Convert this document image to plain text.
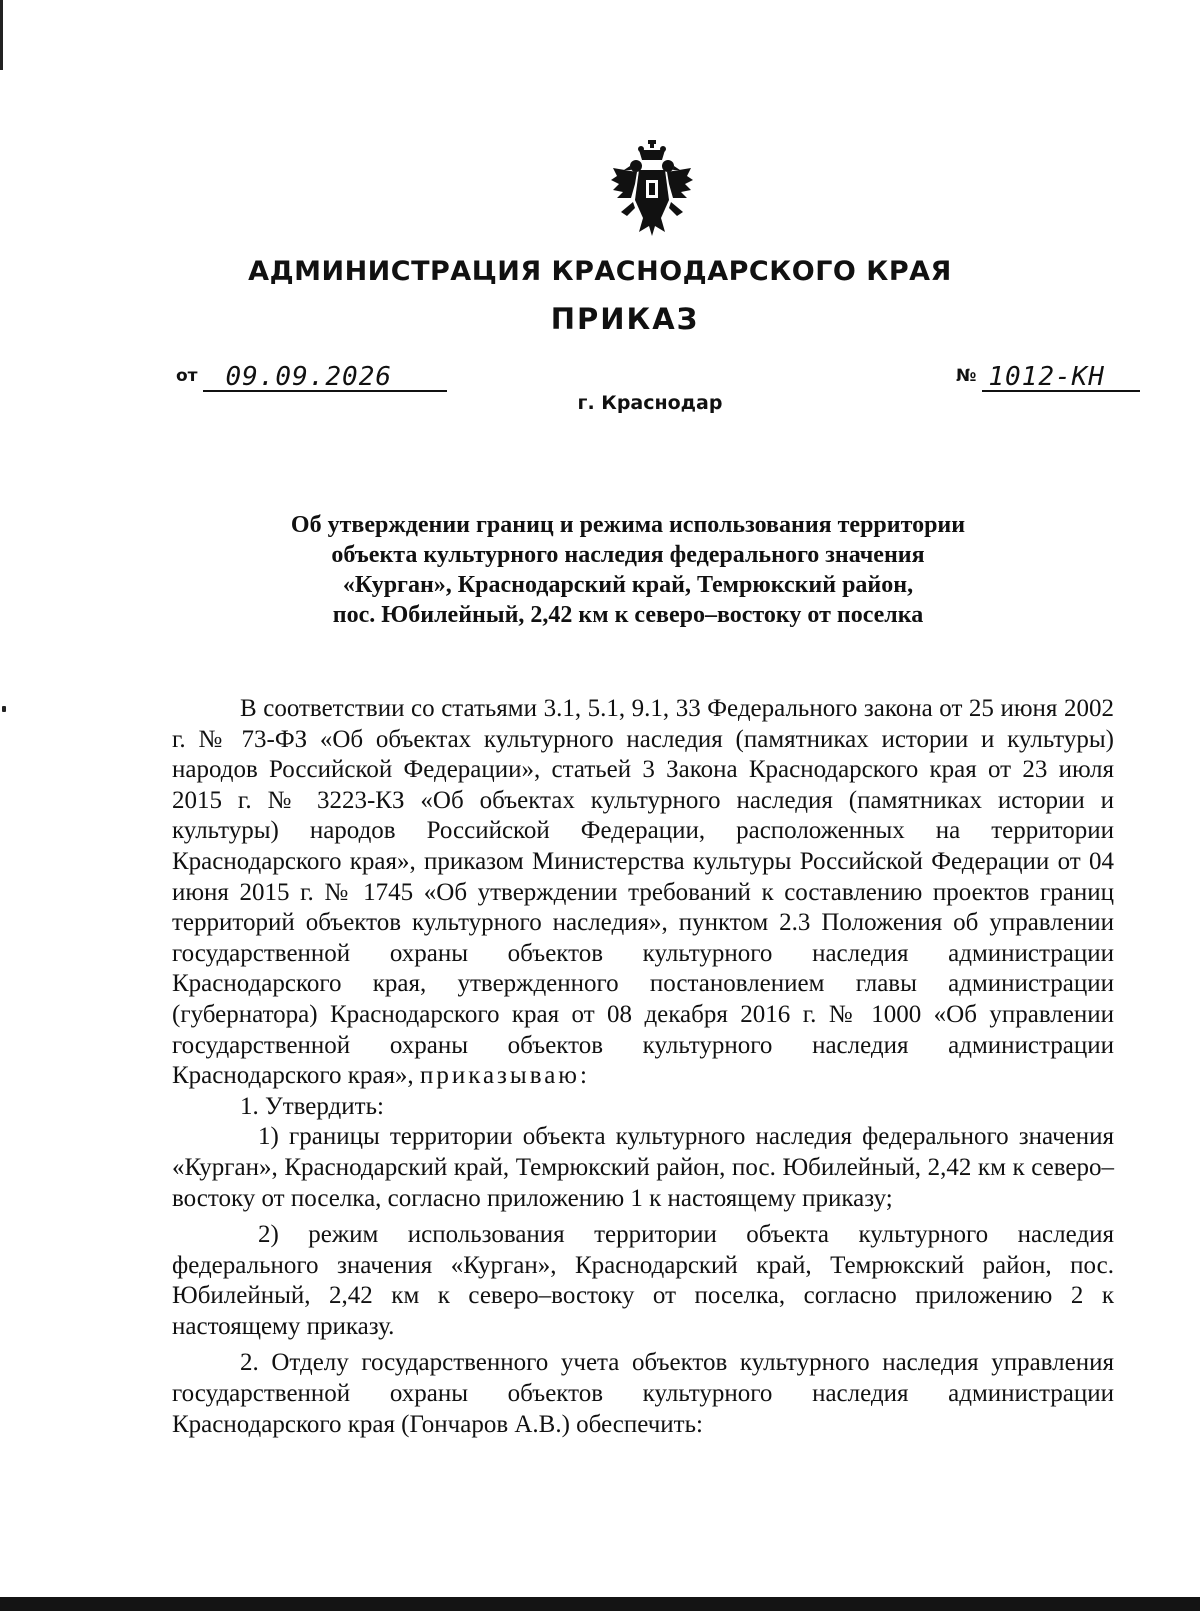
АДМИНИСТРАЦИЯ КРАСНОДАРСКОГО КРАЯ
ПРИКАЗ
от 09.09.2026
г. Краснодар
№ 1012-КН
Об утверждении границ и режима использования территории
объекта культурного наследия федерального значения
«Курган», Краснодарский край, Темрюкский район,
пос. Юбилейный, 2,42 км к северо–востоку от поселка

В соответствии со статьями 3.1, 5.1, 9.1, 33 Федерального закона от 25 июня 2002 г. № 73-ФЗ «Об объектах культурного наследия (памятниках истории и культуры) народов Российской Федерации», статьей 3 Закона Краснодарского края от 23 июля 2015 г. № 3223-КЗ «Об объектах культурного наследия (памятниках истории и культуры) народов Российской Федерации, расположенных на территории Краснодарского края», приказом Министерства культуры Российской Федерации от 04 июня 2015 г. № 1745 «Об утверждении требований к составлению проектов границ территорий объектов культурного наследия», пунктом 2.3 Положения об управлении государственной охраны объектов культурного наследия администрации Краснодарского края, утвержденного постановлением главы администрации (губернатора) Краснодарского края от 08 декабря 2016 г. № 1000 «Об управлении государственной охраны объектов культурного наследия администрации Краснодарского края», приказываю:

1. Утвердить:

1) границы территории объекта культурного наследия федерального значения «Курган», Краснодарский край, Темрюкский район, пос. Юбилейный, 2,42 км к северо–востоку от поселка, согласно приложению 1 к настоящему приказу;

2) режим использования территории объекта культурного наследия федерального значения «Курган», Краснодарский край, Темрюкский район, пос. Юбилейный, 2,42 км к северо–востоку от поселка, согласно приложению 2 к настоящему приказу.

2. Отделу государственного учета объектов культурного наследия управления государственной охраны объектов культурного наследия администрации Краснодарского края (Гончаров А.В.) обеспечить:
